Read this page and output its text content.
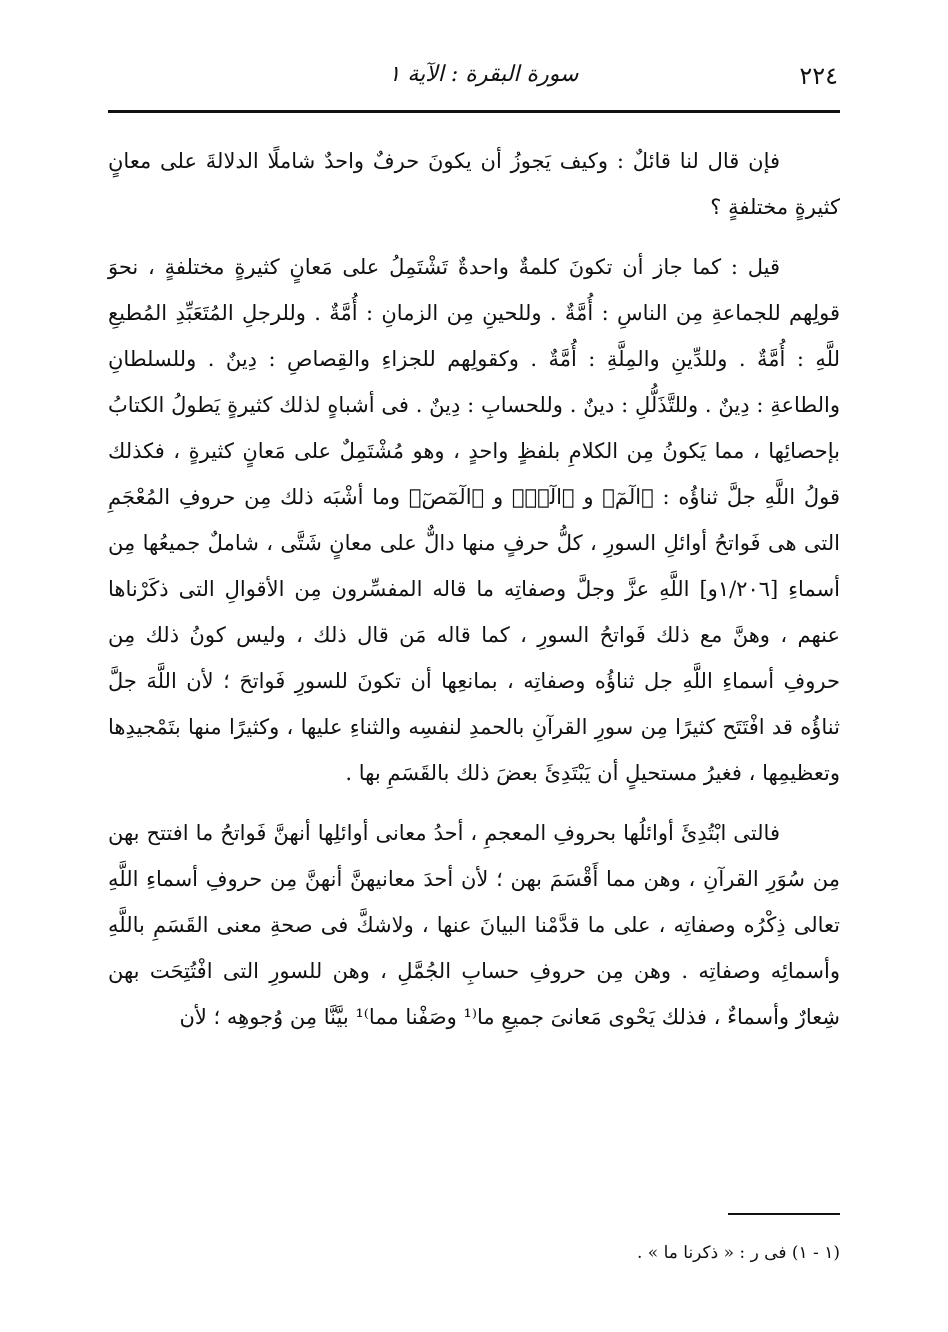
٢٢٤
سورة البقرة : الآية ١

فإن قال لنا قائلٌ : وكيف يَجوزُ أن يكونَ حرفٌ واحدٌ شاملًا الدلالةَ على معانٍ كثيرةٍ مختلفةٍ ؟

قيل : كما جاز أن تكونَ كلمةٌ واحدةٌ تَشْتَمِلُ على مَعانٍ كثيرةٍ مختلفةٍ ، نحوَ قولِهم للجماعةِ مِن الناسِ : أُمَّةٌ . وللحينِ مِن الزمانِ : أُمَّةٌ . وللرجلِ المُتَعَبِّدِ المُطيعِ للَّهِ : أُمَّةٌ . وللدِّينِ والمِلَّةِ : أُمَّةٌ . وكقولِهم للجزاءِ والقِصاصِ : دِينٌ . وللسلطانِ والطاعةِ : دِينٌ . وللتَّذَلُّلِ : دينٌ . وللحسابِ : دِينٌ . فى أشباهٍ لذلك كثيرةٍ يَطولُ الكتابُ بإحصائِها ، مما يَكونُ مِن الكلامِ بلفظٍ واحدٍ ، وهو مُشْتَمِلٌ على مَعانٍ كثيرةٍ ، فكذلك قولُ اللَّهِ جلَّ ثناؤُه : ﴿الٓمٓ﴾ و ﴿الٓرۚ﴾ و ﴿الٓمٓصٓ﴾ وما أشْبَه ذلك مِن حروفِ المُعْجَمِ التى هى فَواتحُ أوائلِ السورِ ، كلُّ حرفٍ منها دالٌّ على معانٍ شَتَّى ، شاملٌ جميعُها مِن أسماءِ [١/٢٠٦و] اللَّهِ عزَّ وجلَّ وصفاتِه ما قاله المفسِّرون مِن الأقوالِ التى ذكَرْناها عنهم ، وهنَّ مع ذلك فَواتحُ السورِ ، كما قاله مَن قال ذلك ، وليس كونُ ذلك مِن حروفِ أسماءِ اللَّهِ جل ثناؤُه وصفاتِه ، بمانعِها أن تكونَ للسورِ فَواتحَ ؛ لأن اللَّهَ جلَّ ثناؤُه قد افْتَتَح كثيرًا مِن سورِ القرآنِ بالحمدِ لنفسِه والثناءِ عليها ، وكثيرًا منها بتَمْجيدِها وتعظيمِها ، فغيرُ مستحيلٍ أن يَبْتَدِئَ بعضَ ذلك بالقَسَمِ بها .

فالتى ابْتُدِئَ أوائلُها بحروفِ المعجمِ ، أحدُ معانى أوائلِها أنهنَّ فَواتحُ ما افتتح بهن مِن سُوَرِ القرآنِ ، وهن مما أَقْسَمَ بهن ؛ لأن أحدَ معانيهنَّ أنهنَّ مِن حروفِ أسماءِ اللَّهِ تعالى ذِكْرُه وصفاتِه ، على ما قدَّمْنا البيانَ عنها ، ولاشكَّ فى صحةِ معنى القَسَمِ باللَّهِ وأسمائِه وصفاتِه . وهن مِن حروفِ حسابِ الجُمَّلِ ، وهن للسورِ التى افْتُتِحَت بهن شِعارٌ وأسماءٌ ، فذلك يَحْوى مَعانىَ جميعِ ما⁽¹ وصَفْنا مما⁾¹ بيَّنَّا مِن وُجوهِه ؛ لأن

(١ - ١) فى ر : « ذكرنا ما » .
